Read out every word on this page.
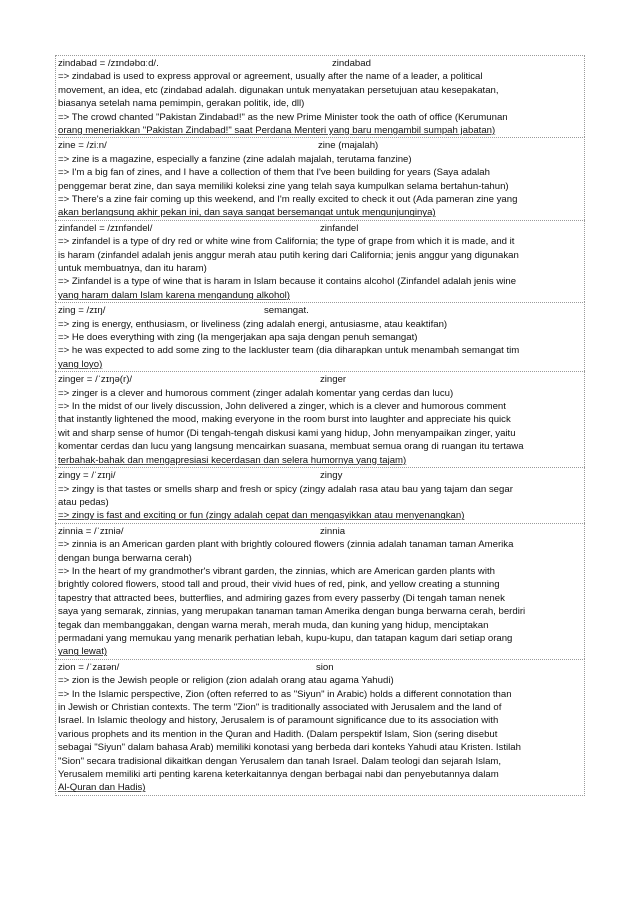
zindabad = /zɪndəbɑːd/.	zindabad
=> zindabad is used to express approval or agreement, usually after the name of a leader, a political
movement, an idea, etc (zindabad adalah. digunakan untuk menyatakan persetujuan atau kesepakatan,
biasanya setelah nama pemimpin, gerakan politik, ide, dll)
=> The crowd chanted "Pakistan Zindabad!" as the new Prime Minister took the oath of office (Kerumunan
orang meneriakkan "Pakistan Zindabad!" saat Perdana Menteri yang baru mengambil sumpah jabatan)
zine = /ziːn/	zine (majalah)
=> zine is a magazine, especially a fanzine (zine adalah majalah, terutama fanzine)
=> I'm a big fan of zines, and I have a collection of them that I've been building for years (Saya adalah
penggemar berat zine, dan saya memiliki koleksi zine yang telah saya kumpulkan selama bertahun-tahun)
=> There's a zine fair coming up this weekend, and I'm really excited to check it out (Ada pameran zine yang
akan berlangsung akhir pekan ini, dan saya sangat bersemangat untuk mengunjunginya)
zinfandel = /zɪnfəndel/	zinfandel
=> zinfandel is a type of dry red or white wine from California; the type of grape from which it is made, and it
is haram (zinfandel adalah jenis anggur merah atau putih kering dari California; jenis anggur yang digunakan
untuk membuatnya, dan itu haram)
=> Zinfandel is a type of wine that is haram in Islam because it contains alcohol (Zinfandel adalah jenis wine
yang haram dalam Islam karena mengandung alkohol)
zing = /zɪŋ/	semangat.
=> zing is energy, enthusiasm, or liveliness (zing adalah energi, antusiasme, atau keaktifan)
=> He does everything with zing (Ia mengerjakan apa saja dengan penuh semangat)
=> he was expected to add some zing to the lackluster team (dia diharapkan untuk menambah semangat tim
yang loyo)
zinger = /ˈzɪŋə(r)/	zinger
=> zinger is a clever and humorous comment (zinger adalah komentar yang cerdas dan lucu)
=> In the midst of our lively discussion, John delivered a zinger, which is a clever and humorous comment
that instantly lightened the mood, making everyone in the room burst into laughter and appreciate his quick
wit and sharp sense of humor (Di tengah-tengah diskusi kami yang hidup, John menyampaikan zinger, yaitu
komentar cerdas dan lucu yang langsung mencairkan suasana, membuat semua orang di ruangan itu tertawa
terbahak-bahak dan mengapresiasi kecerdasan dan selera humornya yang tajam)
zingy = /ˈzɪŋi/	zingy
=> zingy is that tastes or smells sharp and fresh or spicy (zingy adalah rasa atau bau yang tajam dan segar
atau pedas)
=> zingy is fast and exciting or fun (zingy adalah cepat dan mengasyikkan atau menyenangkan)
zinnia = /ˈzɪniə/	zinnia
=> zinnia is an American garden plant with brightly coloured flowers (zinnia adalah tanaman taman Amerika
dengan bunga berwarna cerah)
=> In the heart of my grandmother's vibrant garden, the zinnias, which are American garden plants with
brightly colored flowers, stood tall and proud, their vivid hues of red, pink, and yellow creating a stunning
tapestry that attracted bees, butterflies, and admiring gazes from every passerby (Di tengah taman nenek
saya yang semarak, zinnias, yang merupakan tanaman taman Amerika dengan bunga berwarna cerah, berdiri
tegak dan membanggakan, dengan warna merah, merah muda, dan kuning yang hidup, menciptakan
permadani yang memukau yang menarik perhatian lebah, kupu-kupu, dan tatapan kagum dari setiap orang
yang lewat)
zion = /ˈzaɪən/	sion
=> zion is the Jewish people or religion (zion adalah orang atau agama Yahudi)
=> In the Islamic perspective, Zion (often referred to as "Siyun" in Arabic) holds a different connotation than
in Jewish or Christian contexts. The term "Zion" is traditionally associated with Jerusalem and the land of
Israel. In Islamic theology and history, Jerusalem is of paramount significance due to its association with
various prophets and its mention in the Quran and Hadith. (Dalam perspektif Islam, Sion (sering disebut
sebagai "Siyun" dalam bahasa Arab) memiliki konotasi yang berbeda dari konteks Yahudi atau Kristen. Istilah
"Sion" secara tradisional dikaitkan dengan Yerusalem dan tanah Israel. Dalam teologi dan sejarah Islam,
Yerusalem memiliki arti penting karena keterkaitannya dengan berbagai nabi dan penyebutannya dalam
Al-Quran dan Hadis)
